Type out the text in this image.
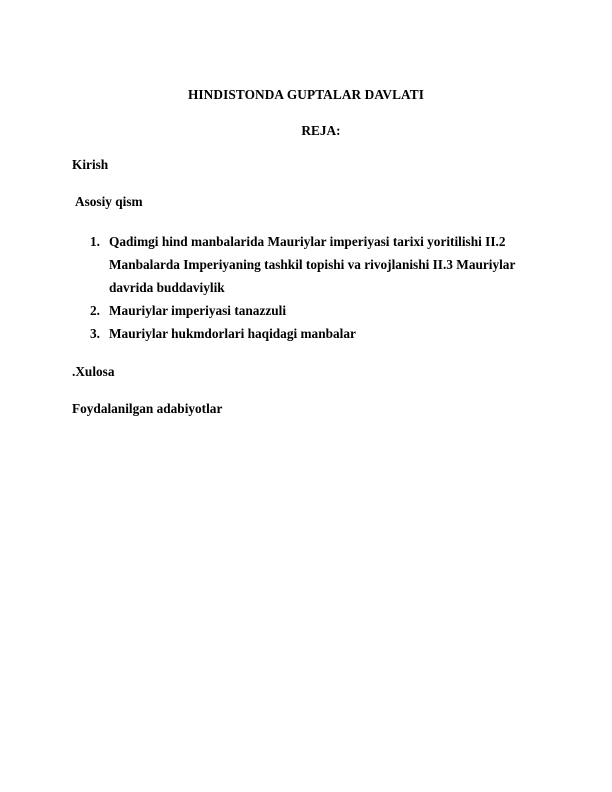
HINDISTONDA GUPTALAR DAVLATI
REJA:
Kirish
Asosiy qism
1. Qadimgi hind manbalarida Mauriylar imperiyasi tarixi yoritilishi II.2 Manbalarda Imperiyaning tashkil topishi va rivojlanishi II.3 Mauriylar davrida buddaviylik
2. Mauriylar imperiyasi tanazzuli
3. Mauriylar hukmdorlari haqidagi manbalar
.Xulosa
Foydalanilgan adabiyotlar
